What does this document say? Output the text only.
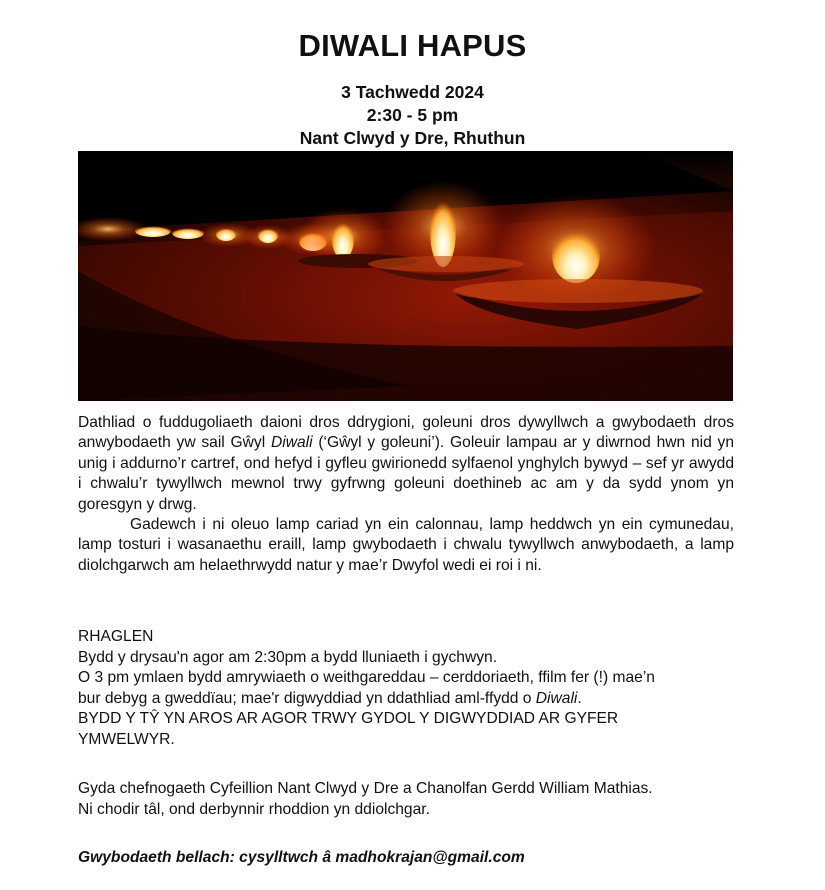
DIWALI HAPUS
3 Tachwedd 2024
2:30 - 5 pm
Nant Clwyd y Dre, Rhuthun

Dathliad o fuddugoliaeth daioni dros ddrygioni, goleuni dros dywyllwch a gwybodaeth dros anwybodaeth yw sail Gŵyl Diwali (‘Gŵyl y goleuni’). Goleuir lampau ar y diwrnod hwn nid yn unig i addurno’r cartref, ond hefyd i gyfleu gwirionedd sylfaenol ynghylch bywyd – sef yr awydd i chwalu’r tywyllwch mewnol trwy gyfrwng goleuni doethineb ac am y da sydd ynom yn goresgyn y drwg.

Gadewch i ni oleuo lamp cariad yn ein calonnau, lamp heddwch yn ein cymunedau, lamp tosturi i wasanaethu eraill, lamp gwybodaeth i chwalu tywyllwch anwybodaeth, a lamp diolchgarwch am helaethrwydd natur y mae’r Dwyfol wedi ei roi i ni.

RHAGLEN
Bydd y drysau'n agor am 2:30pm a bydd lluniaeth i gychwyn.
O 3 pm ymlaen bydd amrywiaeth o weithgareddau – cerddoriaeth, ffilm fer (!) mae’n
bur debyg a gweddïau; mae'r digwyddiad yn ddathliad aml-ffydd o Diwali.
BYDD Y TŶ YN AROS AR AGOR TRWY GYDOL Y DIGWYDDIAD AR GYFER
YMWELWYR.
Gyda chefnogaeth Cyfeillion Nant Clwyd y Dre a Chanolfan Gerdd William Mathias.
Ni chodir tâl, ond derbynnir rhoddion yn ddiolchgar.
Gwybodaeth bellach: cysylltwch â madhokrajan@gmail.com
